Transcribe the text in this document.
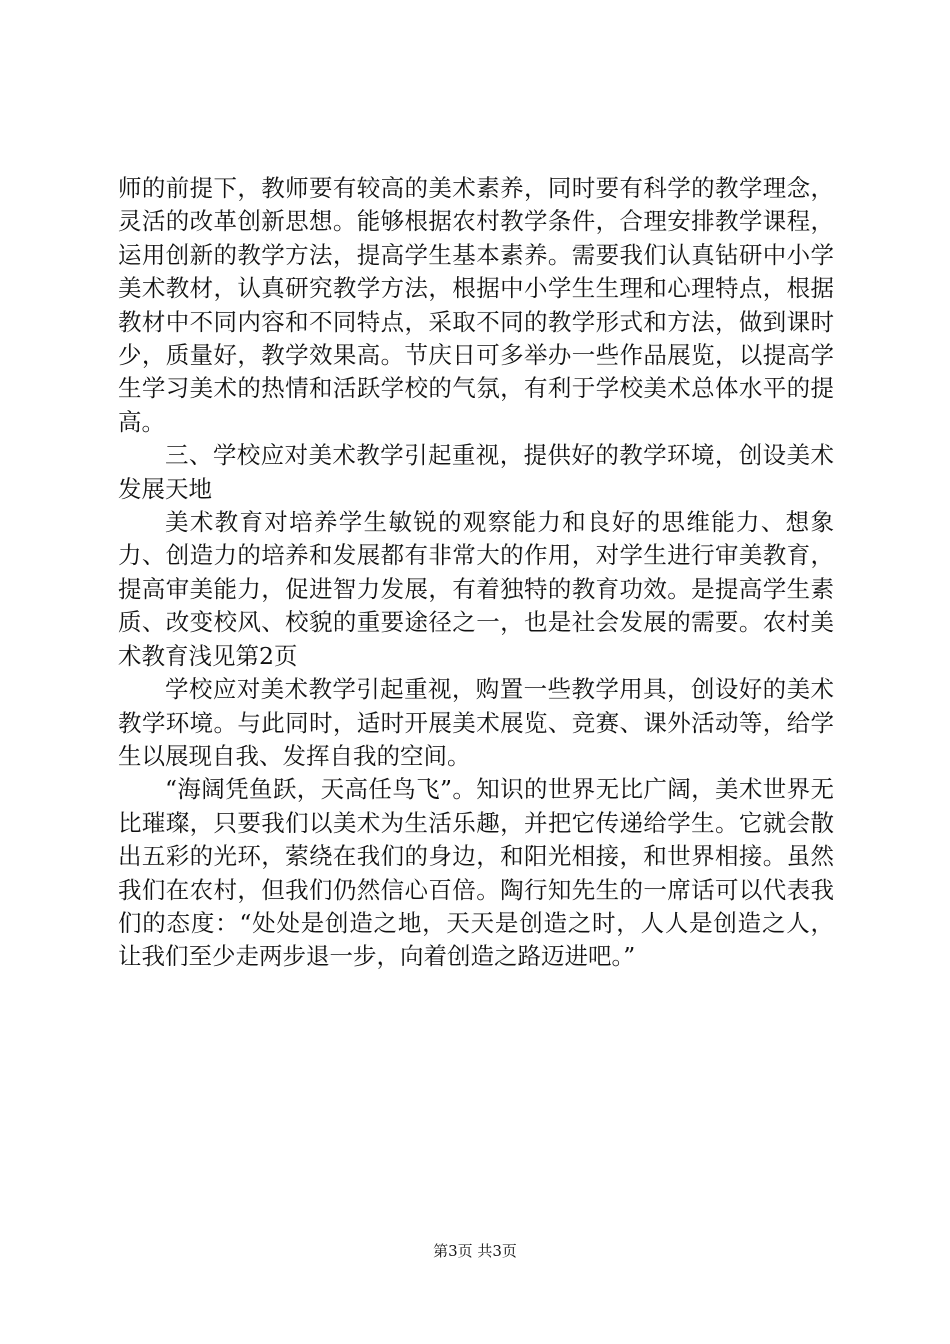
师的前提下，教师要有较高的美术素养，同时要有科学的教学理念，灵活的改革创新思想。能够根据农村教学条件，合理安排教学课程，运用创新的教学方法，提高学生基本素养。需要我们认真钻研中小学美术教材，认真研究教学方法，根据中小学生生理和心理特点，根据教材中不同内容和不同特点，采取不同的教学形式和方法，做到课时少，质量好，教学效果高。节庆日可多举办一些作品展览，以提高学生学习美术的热情和活跃学校的气氛，有利于学校美术总体水平的提高。

三、学校应对美术教学引起重视，提供好的教学环境，创设美术发展天地

美术教育对培养学生敏锐的观察能力和良好的思维能力、想象力、创造力的培养和发展都有非常大的作用，对学生进行审美教育，提高审美能力，促进智力发展，有着独特的教育功效。是提高学生素质、改变校风、校貌的重要途径之一，也是社会发展的需要。农村美术教育浅见第2页

学校应对美术教学引起重视，购置一些教学用具，创设好的美术教学环境。与此同时，适时开展美术展览、竞赛、课外活动等，给学生以展现自我、发挥自我的空间。

“海阔凭鱼跃，天高任鸟飞”。知识的世界无比广阔，美术世界无比璀璨，只要我们以美术为生活乐趣，并把它传递给学生。它就会散出五彩的光环，萦绕在我们的身边，和阳光相接，和世界相接。虽然我们在农村，但我们仍然信心百倍。陶行知先生的一席话可以代表我们的态度：“处处是创造之地，天天是创造之时，人人是创造之人，让我们至少走两步退一步，向着创造之路迈进吧。”

第3页 共3页
